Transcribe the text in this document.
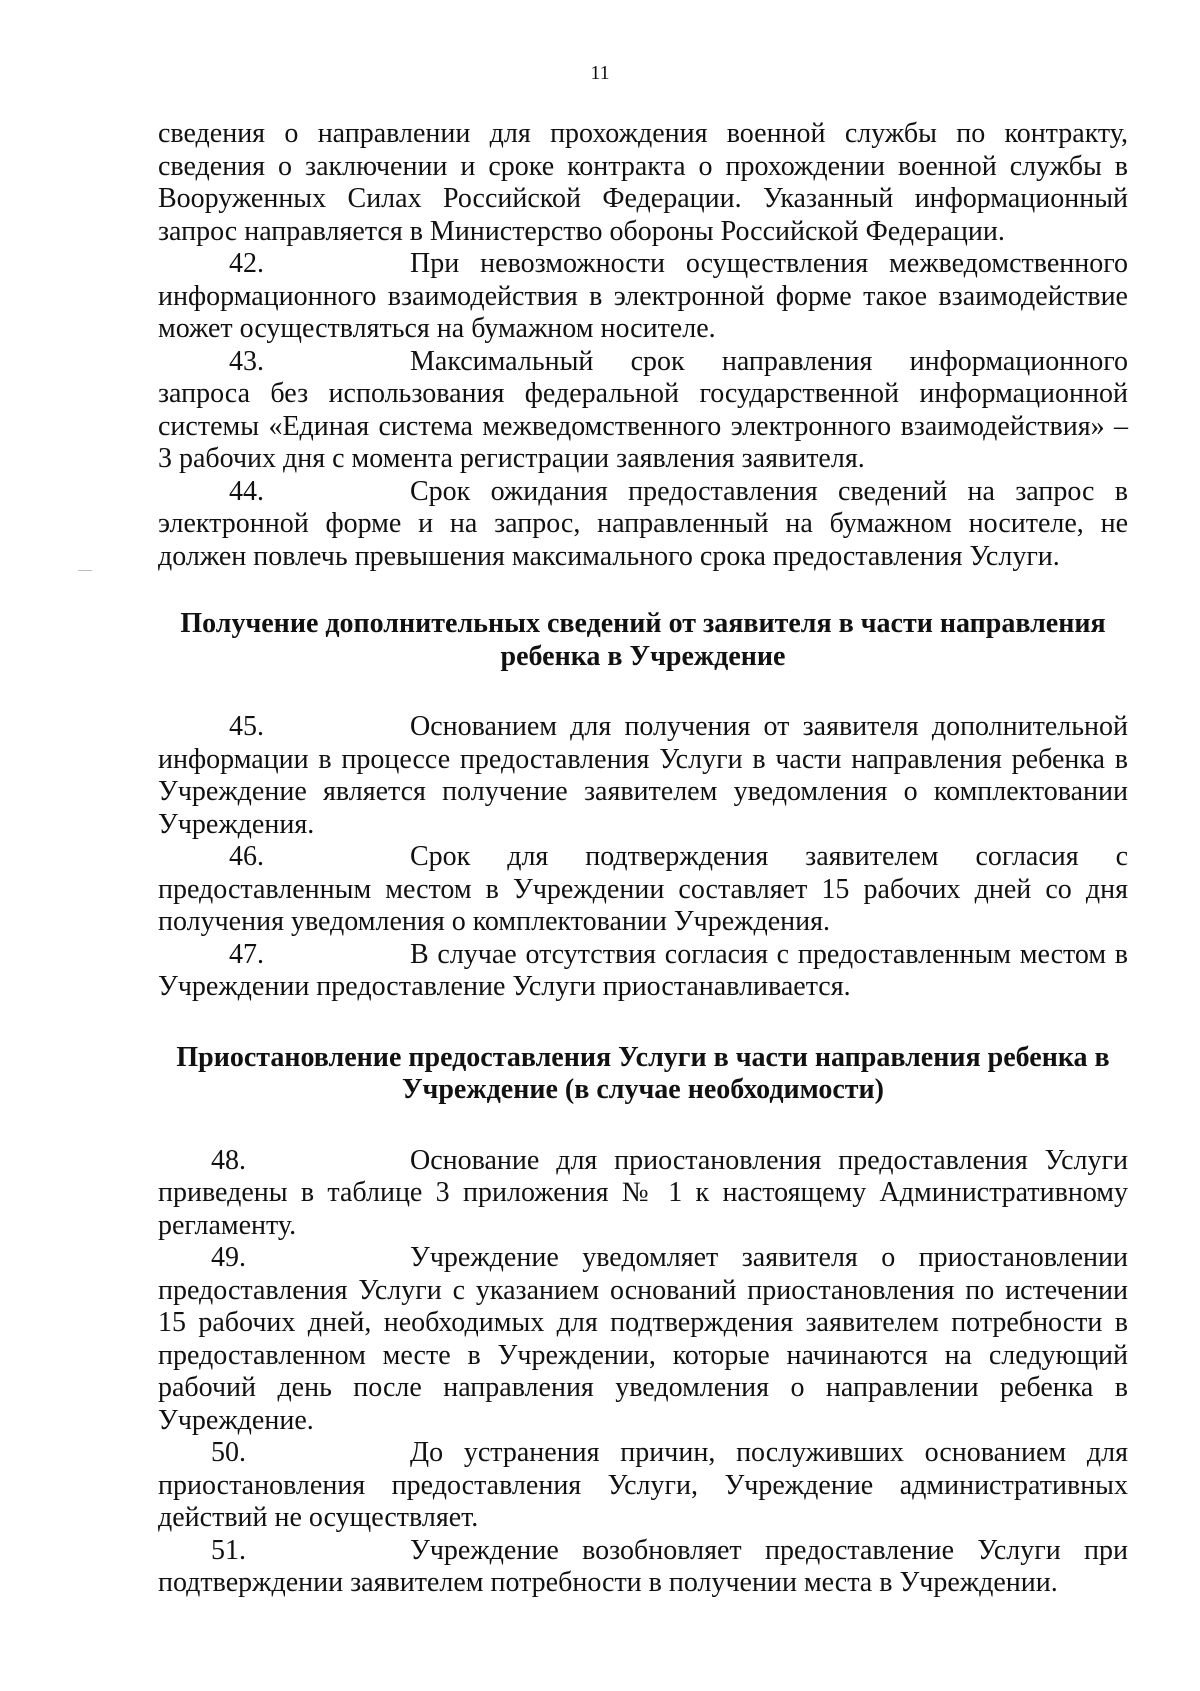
11

сведения о направлении для прохождения военной службы по контракту, сведения о заключении и сроке контракта о прохождении военной службы в Вооруженных Силах Российской Федерации. Указанный информационный запрос направляется в Министерство обороны Российской Федерации.

42.	При невозможности осуществления межведомственного информационного взаимодействия в электронной форме такое взаимодействие может осуществляться на бумажном носителе.

43.	Максимальный срок направления информационного запроса без использования федеральной государственной информационной системы «Единая система межведомственного электронного взаимодействия» – 3 рабочих дня с момента регистрации заявления заявителя.

44.	Срок ожидания предоставления сведений на запрос в электронной форме и на запрос, направленный на бумажном носителе, не должен повлечь превышения максимального срока предоставления Услуги.

Получение дополнительных сведений от заявителя в части направления
ребенка в Учреждение

45.	Основанием для получения от заявителя дополнительной информации в процессе предоставления Услуги в части направления ребенка в Учреждение является получение заявителем уведомления о комплектовании Учреждения.

46.	Срок для подтверждения заявителем согласия с предоставленным местом в Учреждении составляет 15 рабочих дней со дня получения уведомления о комплектовании Учреждения.

47.	В случае отсутствия согласия с предоставленным местом в Учреждении предоставление Услуги приостанавливается.

Приостановление предоставления Услуги в части направления ребенка в
Учреждение (в случае необходимости)

48.	Основание для приостановления предоставления Услуги приведены в таблице 3 приложения № 1 к настоящему Административному регламенту.

49.	Учреждение уведомляет заявителя о приостановлении предоставления Услуги с указанием оснований приостановления по истечении 15 рабочих дней, необходимых для подтверждения заявителем потребности в предоставленном месте в Учреждении, которые начинаются на следующий рабочий день после направления уведомления о направлении ребенка в Учреждение.

50.	До устранения причин, послуживших основанием для приостановления предоставления Услуги, Учреждение административных действий не осуществляет.

51.	Учреждение возобновляет предоставление Услуги при подтверждении заявителем потребности в получении места в Учреждении.
